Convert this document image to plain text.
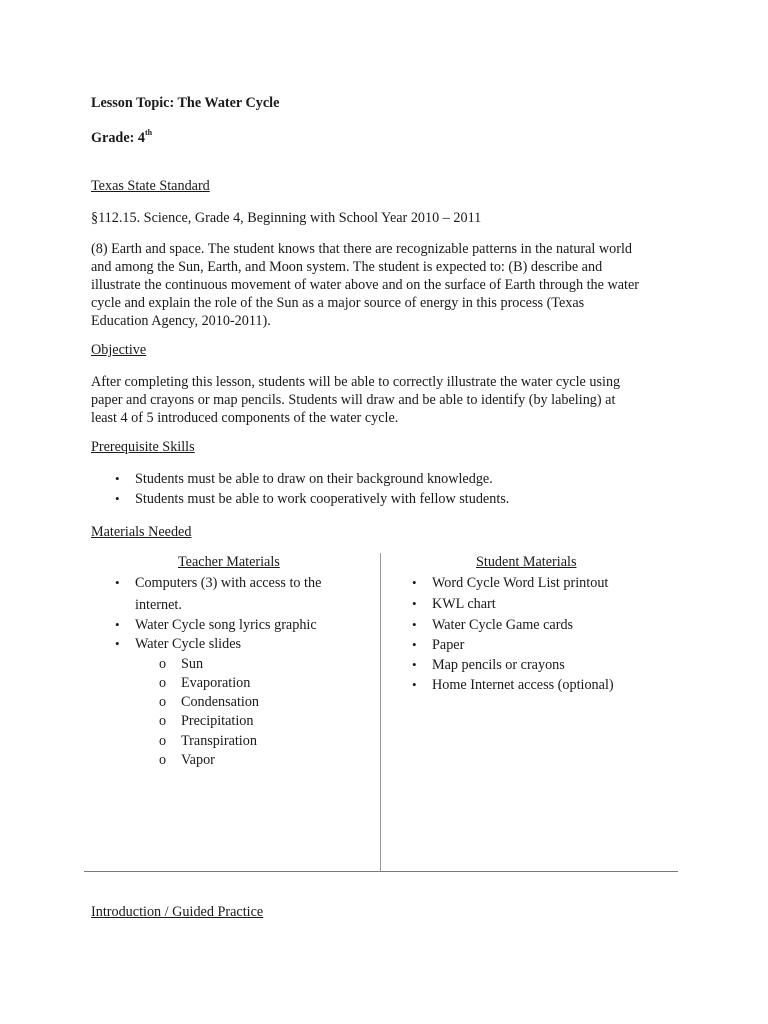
Lesson Topic: The Water Cycle
Grade: 4th
Texas State Standard
§112.15. Science, Grade 4, Beginning with School Year 2010 – 2011
(8) Earth and space. The student knows that there are recognizable patterns in the natural world
and among the Sun, Earth, and Moon system. The student is expected to: (B) describe and
illustrate the continuous movement of water above and on the surface of Earth through the water
cycle and explain the role of the Sun as a major source of energy in this process (Texas
Education Agency, 2010-2011).
Objective
After completing this lesson, students will be able to correctly illustrate the water cycle using
paper and crayons or map pencils. Students will draw and be able to identify (by labeling) at
least 4 of 5 introduced components of the water cycle.
Prerequisite Skills
•	Students must be able to draw on their background knowledge.
•	Students must be able to work cooperatively with fellow students.
Materials Needed
Teacher Materials
•	Computers (3) with access to the
internet.
•	Water Cycle song lyrics graphic
•	Water Cycle slides
o Sun
o Evaporation
o Condensation
o Precipitation
o Transpiration
o Vapor
Student Materials
•	Word Cycle Word List printout
•	KWL chart
•	Water Cycle Game cards
•	Paper
•	Map pencils or crayons
•	Home Internet access (optional)
Introduction / Guided Practice
